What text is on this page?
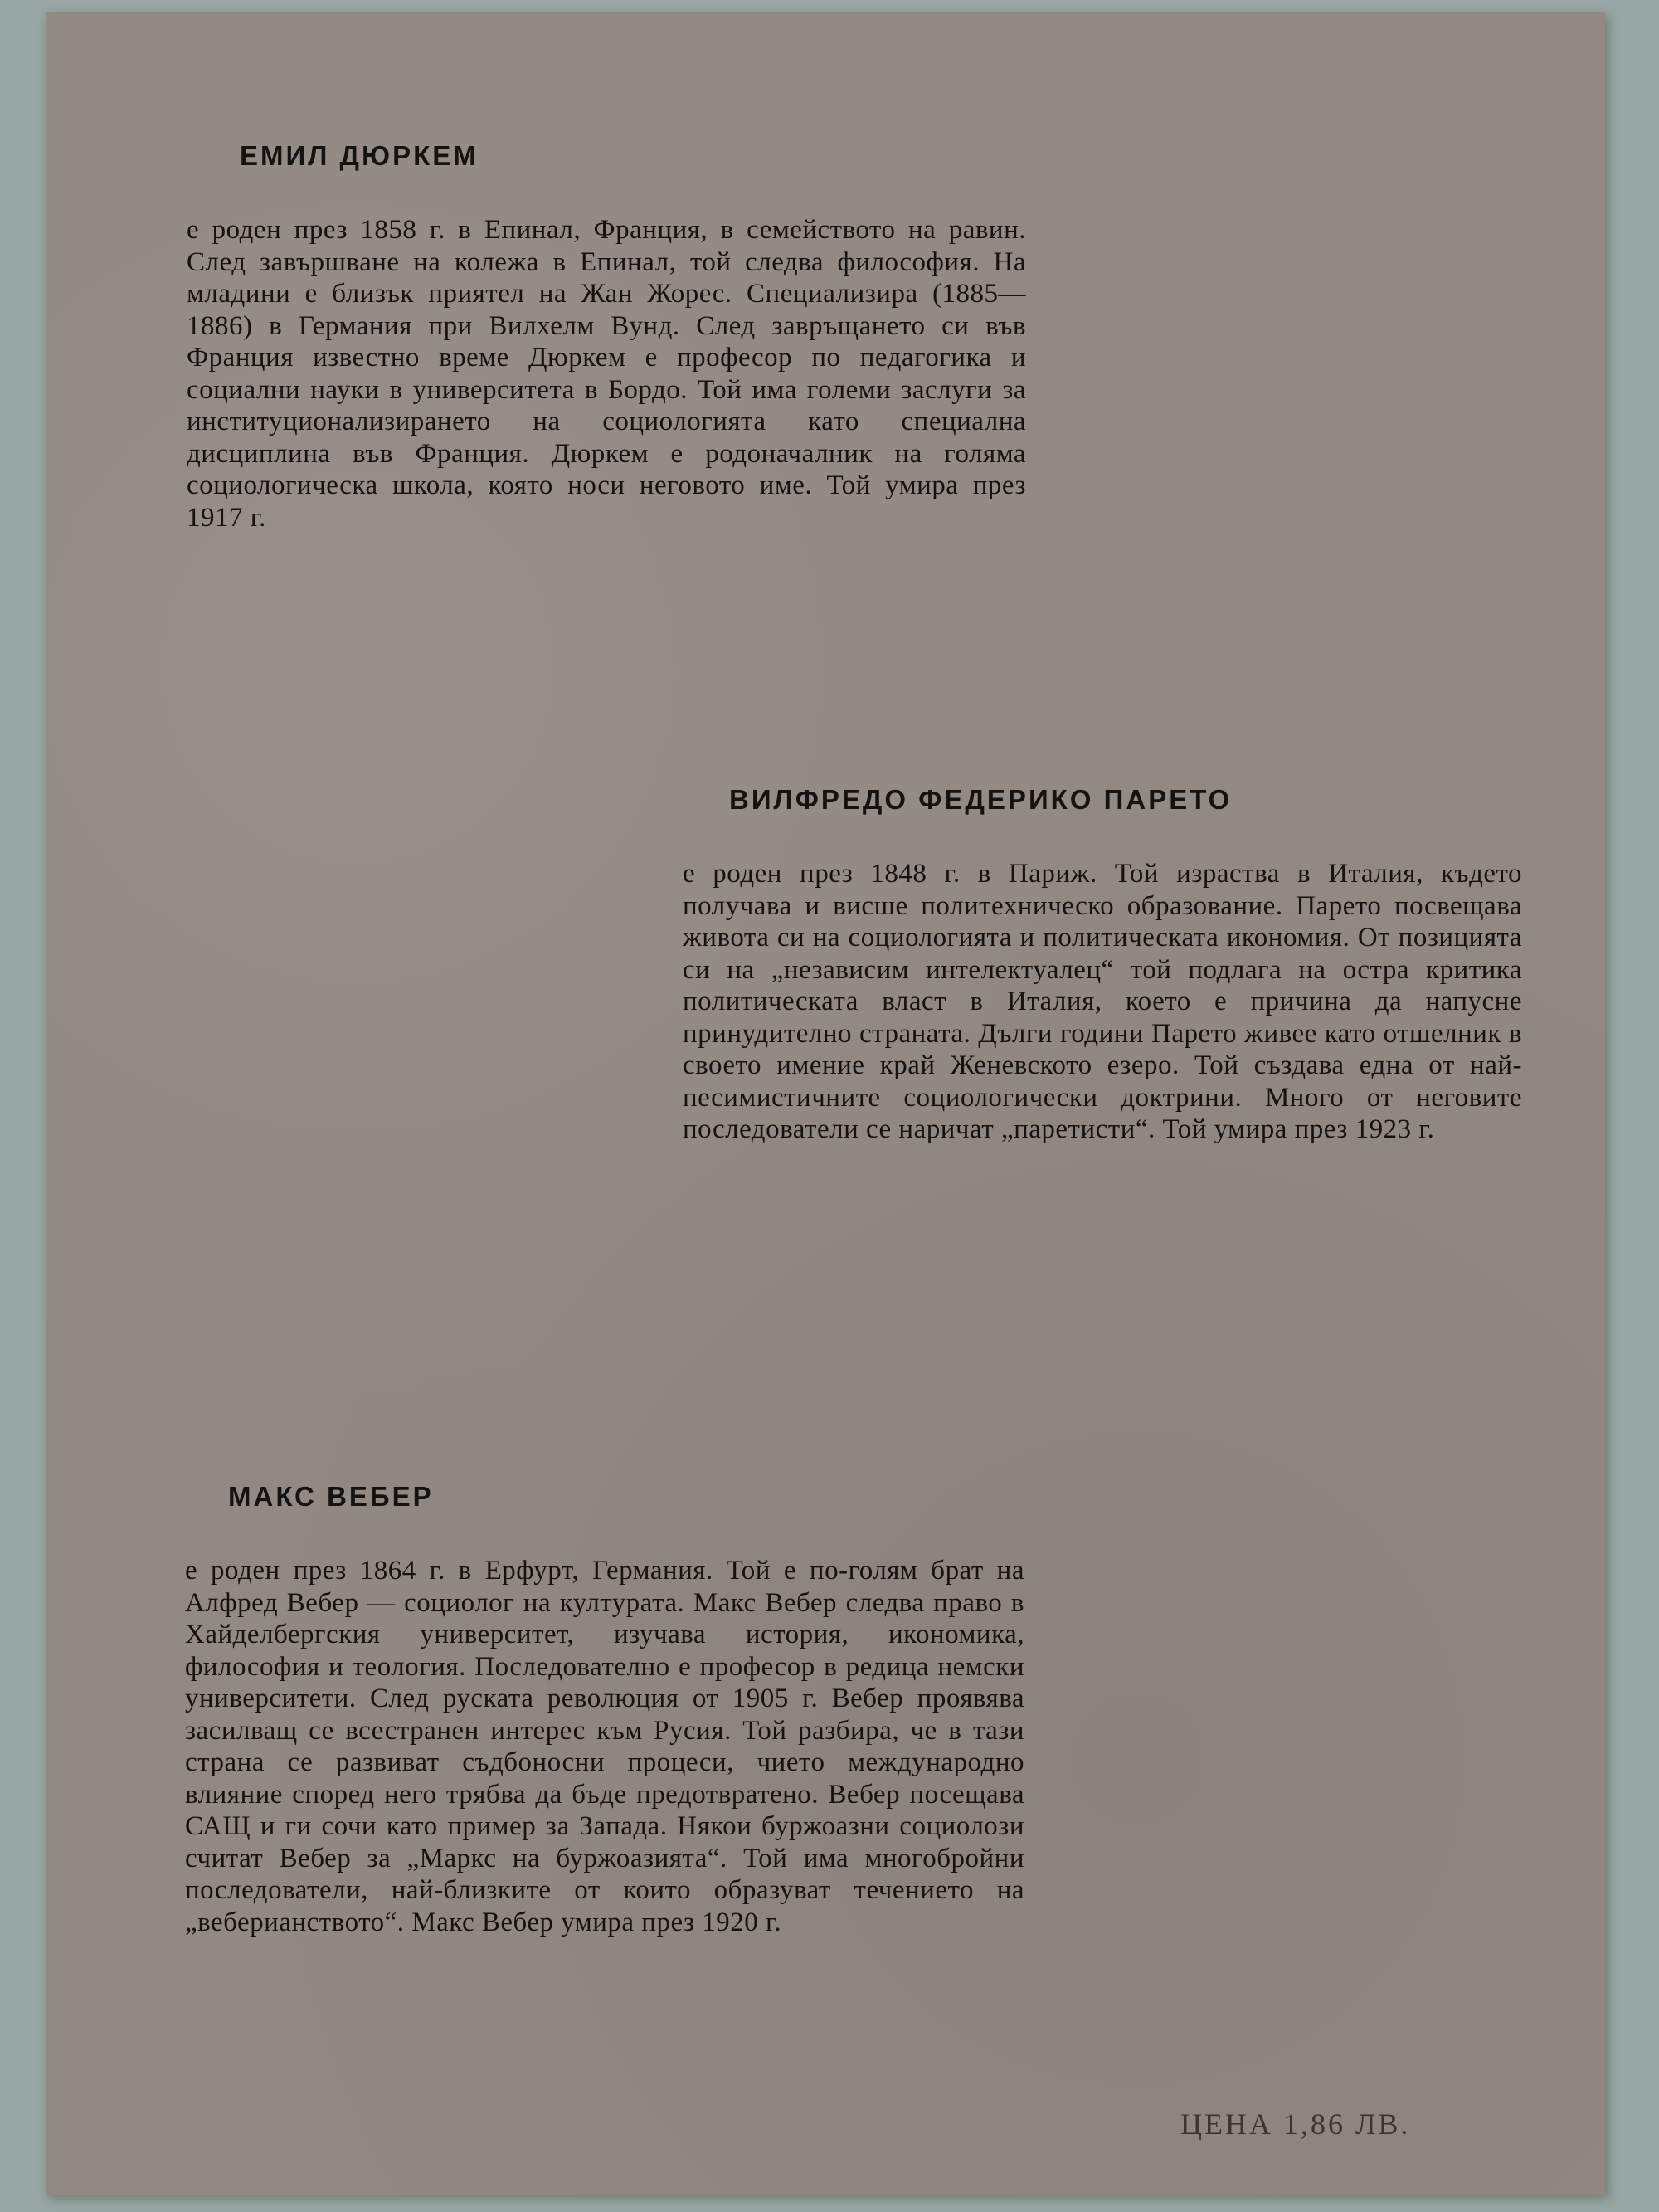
ЕМИЛ ДЮРКЕМ

е роден през 1858 г. в Епинал, Франция, в семейството на равин. След завършване на колежа в Епинал, той следва философия. На младини е близък приятел на Жан Жорес. Специализира (1885—1886) в Германия при Вилхелм Вунд. След завръщането си във Франция известно време Дюркем е професор по педагогика и социални науки в университета в Бордо. Той има големи заслуги за институционализирането на социологията като специална дисциплина във Франция. Дюркем е родоначалник на голяма социологическа школа, която носи неговото име. Той умира през 1917 г.

ВИЛФРЕДО ФЕДЕРИКО ПАРЕТО

е роден през 1848 г. в Париж. Той израства в Италия, където получава и висше политехническо образование. Парето посвещава живота си на социологията и политическата икономия. От позицията си на „независим интелектуалец“ той подлага на остра критика политическата власт в Италия, което е причина да напусне принудително страната. Дълги години Парето живее като отшелник в своето имение край Женевското езеро. Той създава една от най-песимистичните социологически доктрини. Много от неговите последователи се наричат „паретисти“. Той умира през 1923 г.

МАКС ВЕБЕР

е роден през 1864 г. в Ерфурт, Германия. Той е по-голям брат на Алфред Вебер — социолог на културата. Макс Вебер следва право в Хайделбергския университет, изучава история, икономика, философия и теология. Последователно е професор в редица немски университети. След руската революция от 1905 г. Вебер проявява засилващ се всестранен интерес към Русия. Той разбира, че в тази страна се развиват съдбоносни процеси, чието международно влияние според него трябва да бъде предотвратено. Вебер посещава САЩ и ги сочи като пример за Запада. Някои буржоазни социолози считат Вебер за „Маркс на буржоазията“. Той има многобройни последователи, най-близките от които образуват течението на „веберианството“. Макс Вебер умира през 1920 г.

ЦЕНА 1,86 ЛВ.
